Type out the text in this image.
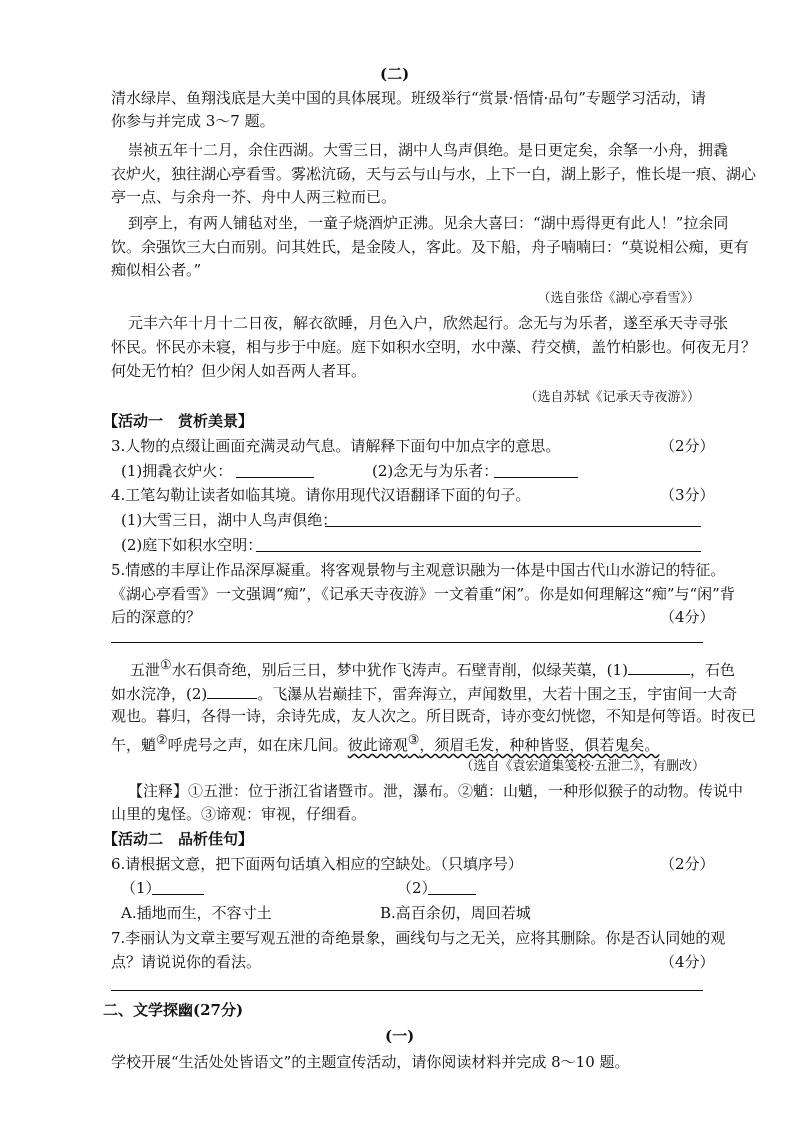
(二)
清水绿岸、鱼翔浅底是大美中国的具体展现。班级举行“赏景·悟情·品句”专题学习活动，请
你参与并完成 3～7 题。
崇祯五年十二月，余住西湖。大雪三日，湖中人鸟声俱绝。是日更定矣，余拏一小舟，拥毳
衣炉火，独往湖心亭看雪。雾凇沆砀，天与云与山与水，上下一白，湖上影子，惟长堤一痕、湖心
亭一点、与余舟一芥、舟中人两三粒而已。
到亭上，有两人铺毡对坐，一童子烧酒炉正沸。见余大喜曰：“湖中焉得更有此人！”拉余同
饮。余强饮三大白而别。问其姓氏，是金陵人，客此。及下船，舟子喃喃曰：“莫说相公痴，更有
痴似相公者。”
（选自张岱《湖心亭看雪》）
元丰六年十月十二日夜，解衣欲睡，月色入户，欣然起行。念无与为乐者，遂至承天寺寻张
怀民。怀民亦未寝，相与步于中庭。庭下如积水空明，水中藻、荇交横，盖竹柏影也。何夜无月？
何处无竹柏？但少闲人如吾两人者耳。
（选自苏轼《记承天寺夜游》）
【活动一　赏析美景】
3.人物的点缀让画面充满灵动气息。请解释下面句中加点字的意思。	（2分）
(1)拥毳衣炉火：	(2)念无与为乐者：
4.工笔勾勒让读者如临其境。请你用现代汉语翻译下面的句子。	（3分）
(1)大雪三日，湖中人鸟声俱绝：
(2)庭下如积水空明：
5.情感的丰厚让作品深厚凝重。将客观景物与主观意识融为一体是中国古代山水游记的特征。
《湖心亭看雪》一文强调“痴”，《记承天寺夜游》一文着重“闲”。你是如何理解这“痴”与“闲”背
后的深意的？	（4分）
五泄①水石俱奇绝，别后三日，梦中犹作飞涛声。石壁青削，似绿芙蕖，(1)	，石色
如水浣净，(2)	。飞瀑从岩巅挂下，雷奔海立，声闻数里，大若十围之玉，宇宙间一大奇
观也。暮归，各得一诗，余诗先成，友人次之。所目既奇，诗亦变幻恍惚，不知是何等语。时夜已
午，魈②呼虎号之声，如在床几间。彼此谛观③，须眉毛发，种种皆竖，俱若鬼矣。
（选自《袁宏道集笺校·五泄二》，有删改）
【注释】①五泄：位于浙江省诸暨市。泄，瀑布。②魈：山魈，一种形似猴子的动物。传说中
山里的鬼怪。③谛观：审视，仔细看。
【活动二　品析佳句】
6.请根据文意，把下面两句话填入相应的空缺处。（只填序号）	（2分）
（1）	（2）
A.插地而生，不容寸土	B.高百余仞，周回若城
7.李丽认为文章主要写观五泄的奇绝景象，画线句与之无关，应将其删除。你是否认同她的观
点？请说说你的看法。	（4分）
二、文学探幽(27分)
(一)
学校开展“生活处处皆语文”的主题宣传活动，请你阅读材料并完成 8～10 题。
